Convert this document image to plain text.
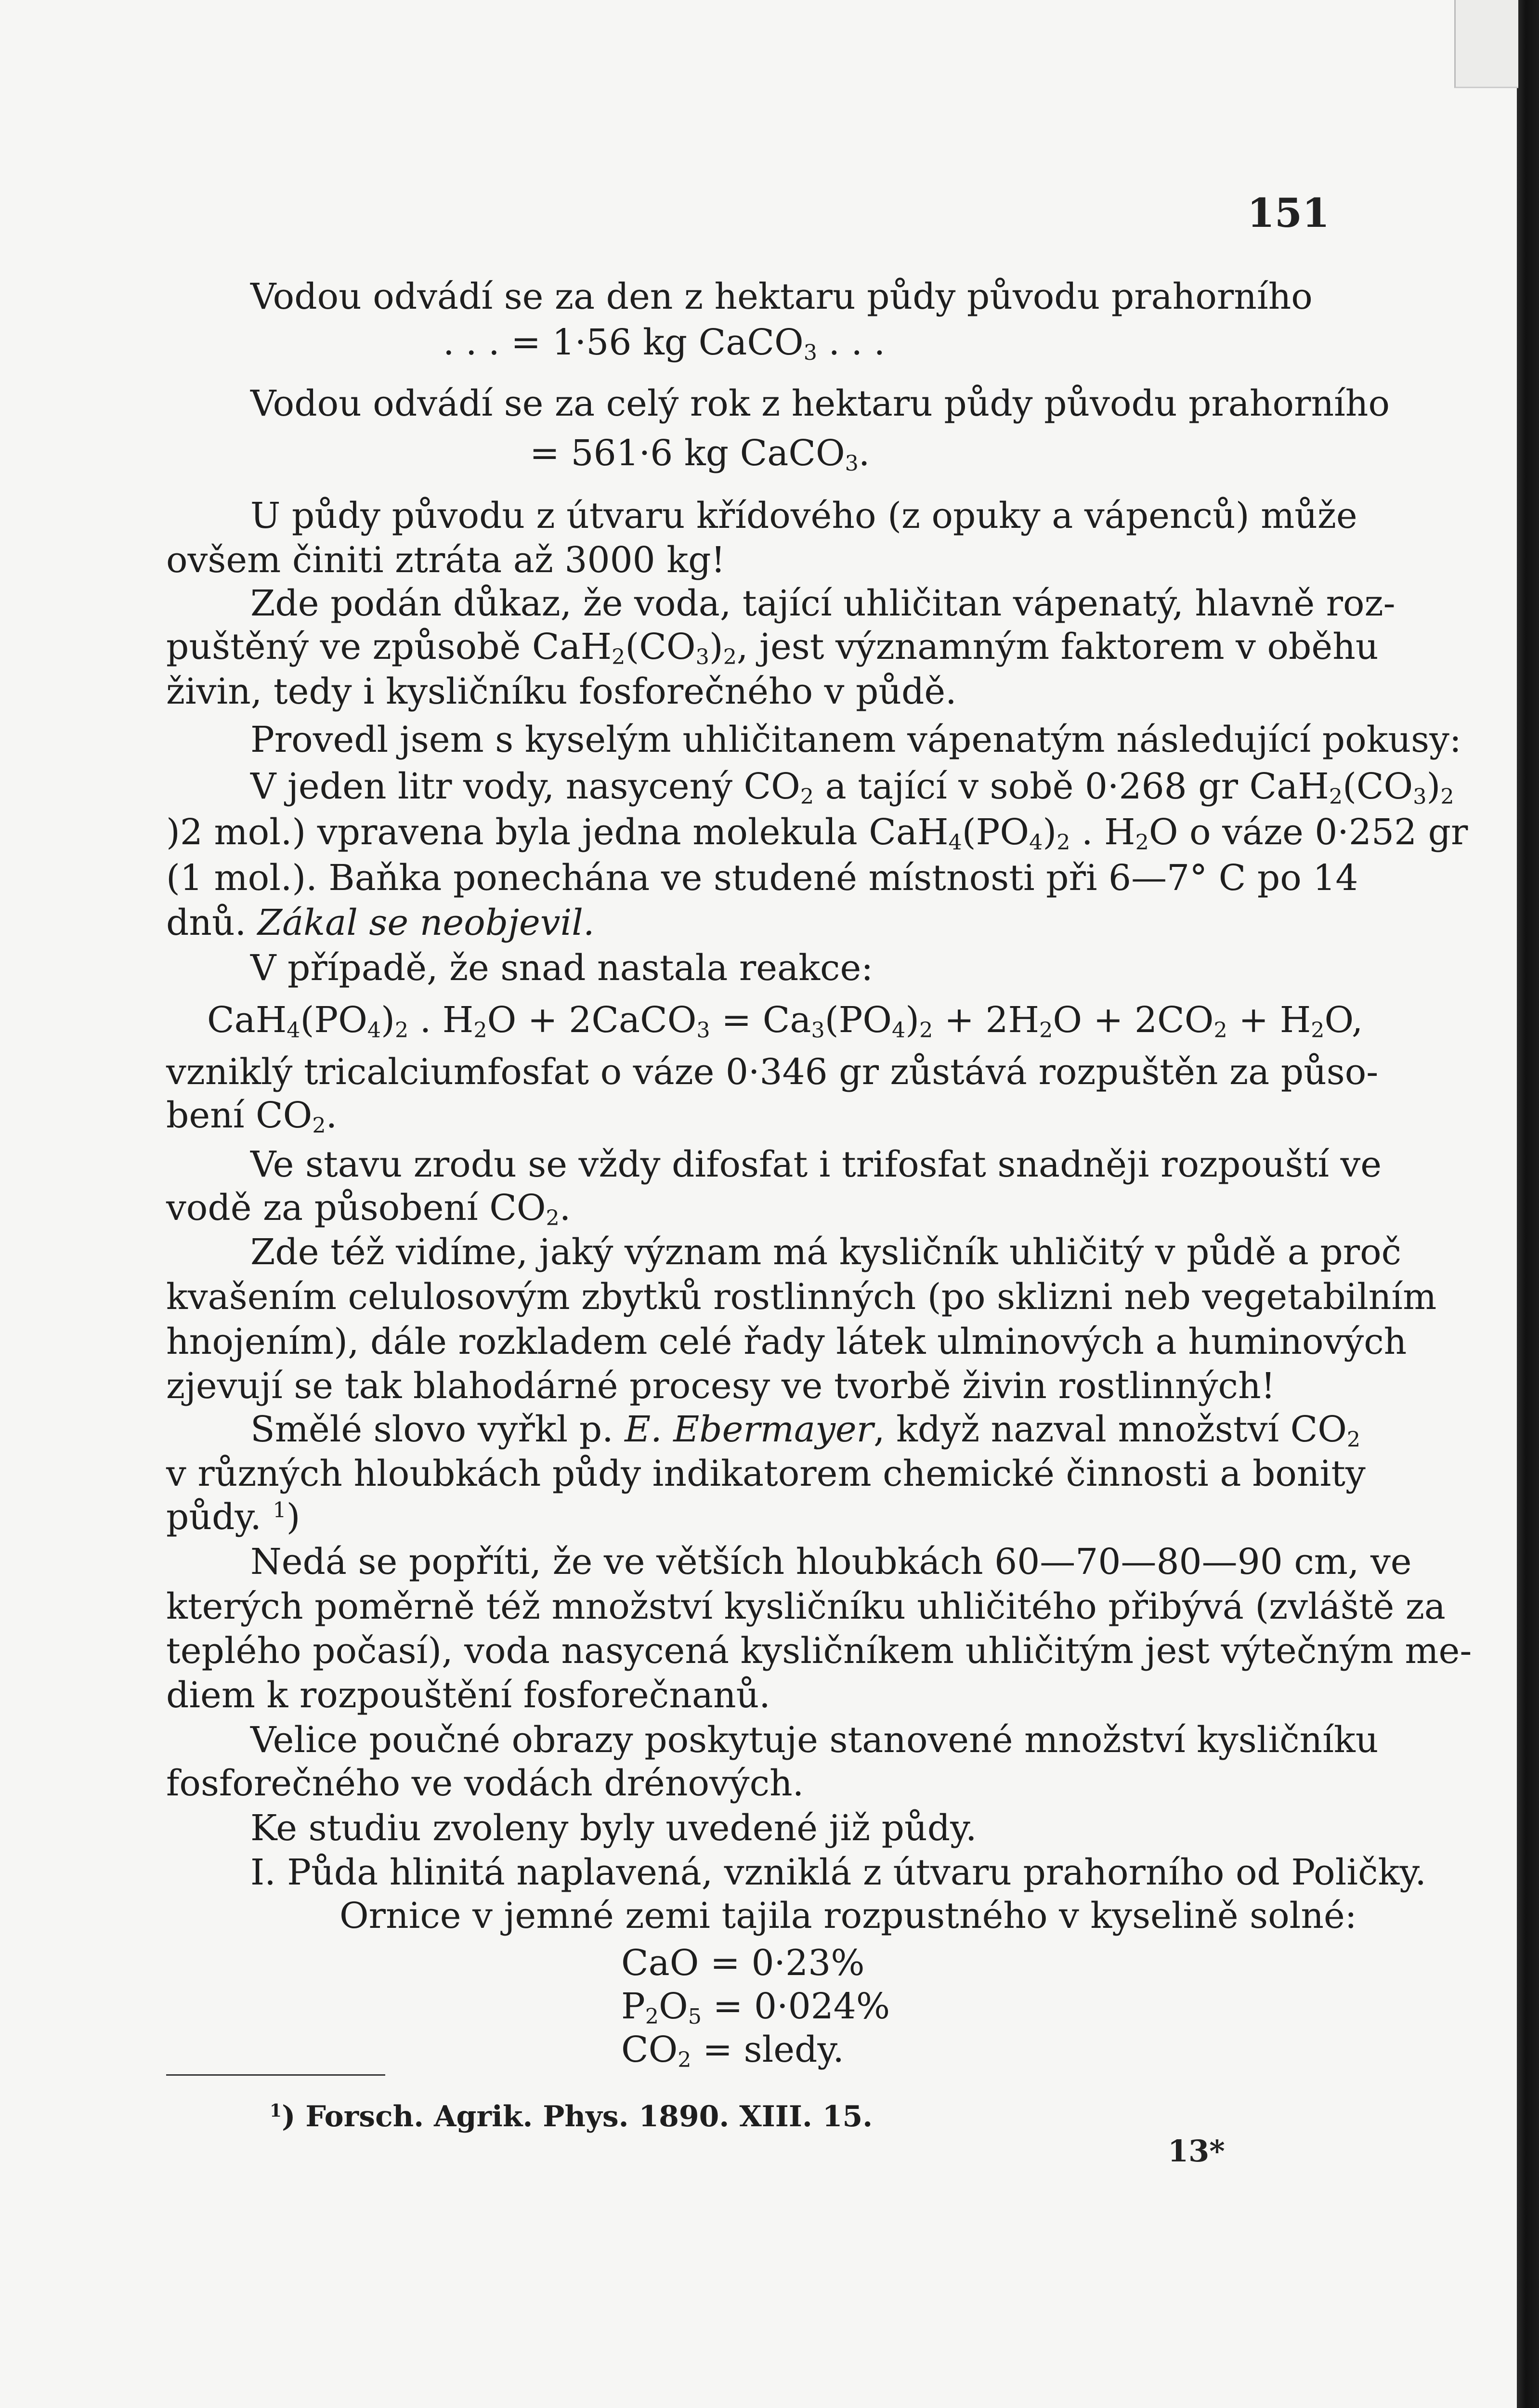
151
Vodou odvádí se za den z hektaru půdy původu prahorního
. . . = 1·56 kg CaCO$_3$ . . .
Vodou odvádí se za celý rok z hektaru půdy původu prahorního
= 561·6 kg CaCO$_3$.
U půdy původu z útvaru křídového (z opuky a vápenců) může
ovšem činiti ztráta až 3000 kg!
Zde podán důkaz, že voda, tající uhličitan vápenatý, hlavně roz-
puštěný ve způsobě $CaH_2(CO_3)_2$, jest významným faktorem v oběhu
živin, tedy i kysličníku fosforečného v půdě.
Provedl jsem s kyselým uhličitanem vápenatým následující pokusy:
V jeden litr vody, nasycený $CO_2$ a tající v sobě 0·268 gr $CaH_2(CO_3)_2$
)2 mol.) vpravena byla jedna molekula $CaH_4(PO_4)_2$ . $H_2O$ o váze 0·252 gr
(1 mol.). Baňka ponechána ve studené místnosti při 6—7° C po 14
dnů. Zákal se neobjevil.
V případě, že snad nastala reakce:
$CaH_4(PO_4)_2$ . $H_2O$ + 2CaCO$_3$ = $Ca_3(PO_4)_2 + 2H_2O + 2CO_2 + H_2O$,
vzniklý tricalciumfosfat o váze 0·346 gr zůstává rozpuštěn za půso-
bení $CO_2$.
Ve stavu zrodu se vždy difosfat i trifosfat snadněji rozpouští ve
vodě za působení $CO_2$.
Zde též vidíme, jaký význam má kysličník uhličitý v půdě a proč
kvašením celulosovým zbytků rostlinných (po sklizni neb vegetabilním
hnojením), dále rozkladem celé řady látek ulminových a huminových
zjevují se tak blahodárné procesy ve tvorbě živin rostlinných!
Smělé slovo vyřkl p. E. Ebermayer, když nazval množství $CO_2$
v různých hloubkách půdy indikatorem chemické činnosti a bonity
půdy. $^1$)
Nedá se popříti, že ve větších hloubkách 60—70—80—90 cm, ve
kterých poměrně též množství kysličníku uhličitého přibývá (zvláště za
teplého počasí), voda nasycená kysličníkem uhličitým jest výtečným me-
diem k rozpouštění fosforečnanů.
Velice poučné obrazy poskytuje stanovené množství kysličníku
fosforečného ve vodách drénových.
Ke studiu zvoleny byly uvedené již půdy.
I. Půda hlinitá naplavená, vzniklá z útvaru prahorního od Poličky.
Ornice v jemné zemi tajila rozpustného v kyselině solné:
CaO = 0·23%
$P_2O_5 = 0\cdot 024\%$
$CO_2$ = sledy.
$^1$) Forsch. Agrik. Phys. 1890. XIII. 15.
13*
